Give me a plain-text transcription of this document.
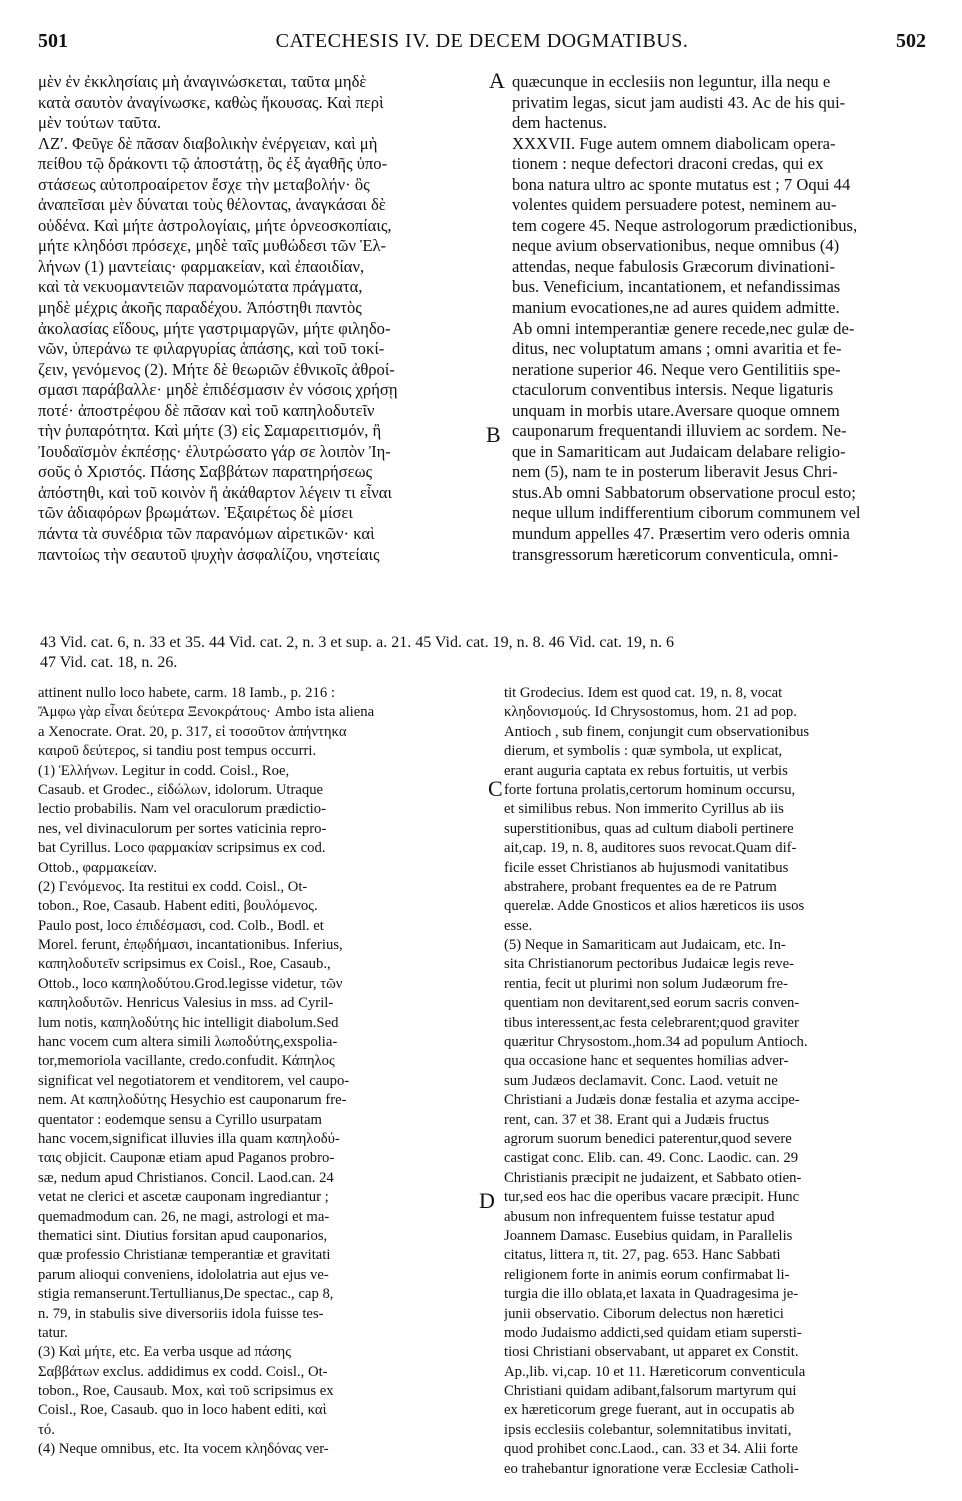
501	CATECHESIS IV. DE DECEM DOGMATIBUS.	502
A
B
C
D
μὲν ἐν ἐκκλησίαις μὴ ἀναγινώσκεται, ταῦτα μηδὲ
κατὰ σαυτὸν ἀναγίνωσκε, καθὼς ἤκουσας. Καὶ περὶ
μὲν τούτων ταῦτα.
ΛΖʹ. Φεῦγε δὲ πᾶσαν διαβολικὴν ἐνέργειαν, καὶ μὴ
πείθου τῷ δράκοντι τῷ ἀποστάτῃ, ὃς ἐξ ἀγαθῆς ὑπο-
στάσεως αὐτοπροαίρετον ἔσχε τὴν μεταβολήν· ὃς
ἀναπεῖσαι μὲν δύναται τοὺς θέλοντας, ἀναγκάσαι δὲ
οὐδένα. Καὶ μήτε ἀστρολογίαις, μήτε ὀρνεοσκοπίαις,
μήτε κληδόσι πρόσεχε, μηδὲ ταῖς μυθώδεσι τῶν Ἑλ-
λήνων (1) μαντείαις· φαρμακείαν, καὶ ἐπαοιδίαν,
καὶ τὰ νεκυομαντειῶν παρανομώτατα πράγματα,
μηδὲ μέχρις ἀκοῆς παραδέχου. Ἀπόστηθι παντὸς
ἀκολασίας εἴδους, μήτε γαστριμαργῶν, μήτε φιληδο-
νῶν, ὑπεράνω τε φιλαργυρίας ἁπάσης, καὶ τοῦ τοκί-
ζειν, γενόμενος (2). Μήτε δὲ θεωριῶν ἐθνικοῖς ἀθροί-
σμασι παράβαλλε· μηδὲ ἐπιδέσμασιν ἐν νόσοις χρήσῃ
ποτέ· ἀποστρέφου δὲ πᾶσαν καὶ τοῦ καπηλοδυτεῖν
τὴν ῥυπαρότητα. Καὶ μήτε (3) εἰς Σαμαρειτισμόν, ἢ
Ἰουδαϊσμὸν ἐκπέσῃς· ἐλυτρώσατο γάρ σε λοιπὸν Ἰη-
σοῦς ὁ Χριστός. Πάσης Σαββάτων παρατηρήσεως
ἀπόστηθι, καὶ τοῦ κοινὸν ἢ ἀκάθαρτον λέγειν τι εἶναι
τῶν ἀδιαφόρων βρωμάτων. Ἐξαιρέτως δὲ μίσει
πάντα τὰ συνέδρια τῶν παρανόμων αἱρετικῶν· καὶ
παντοίως τὴν σεαυτοῦ ψυχὴν ἀσφαλίζου, νηστείαις
quæcunque in ecclesiis non leguntur, illa nequ e
privatim legas, sicut jam audisti 43. Ac de his qui-
dem hactenus.
XXXVII. Fuge autem omnem diabolicam opera-
tionem : neque defectori draconi credas, qui ex
bona natura ultro ac sponte mutatus est ; 7 Oqui 44
volentes quidem persuadere potest, neminem au-
tem cogere 45. Neque astrologorum prædictionibus,
neque avium observationibus, neque omnibus (4)
attendas, neque fabulosis Græcorum divinationi-
bus. Veneficium, incantationem, et nefandissimas
manium evocationes,ne ad aures quidem admitte.
Ab omni intemperantiæ genere recede,nec gulæ de-
ditus, nec voluptatum amans ; omni avaritia et fe-
neratione superior 46. Neque vero Gentilitiis spe-
ctaculorum conventibus intersis. Neque ligaturis
unquam in morbis utare.Aversare quoque omnem
cauponarum frequentandi illuviem ac sordem. Ne-
que in Samariticam aut Judaicam delabare religio-
nem (5), nam te in posterum liberavit Jesus Chri-
stus.Ab omni Sabbatorum observatione procul esto;
neque ullum indifferentium ciborum communem vel
mundum appelles 47. Præsertim vero oderis omnia
transgressorum hæreticorum conventicula, omni-
43 Vid. cat. 6, n. 33 et 35. 44 Vid. cat. 2, n. 3 et sup. a. 21. 45 Vid. cat. 19, n. 8. 46 Vid. cat. 19, n. 6
47 Vid. cat. 18, n. 26.
attinent nullo loco habete, carm. 18 Iamb., p. 216 :
Ἄμφω γὰρ εἶναι δεύτερα Ξενοκράτους· Ambo ista aliena
a Xenocrate. Orat. 20, p. 317, εἰ τοσοῦτον ἀπήντηκα
καιροῦ δεύτερος, si tandiu post tempus occurri.
(1) Ἑλλήνων. Legitur in codd. Coisl., Roe,
Casaub. et Grodec., εἰδώλων, idolorum. Utraque
lectio probabilis. Nam vel oraculorum prædictio-
nes, vel divinaculorum per sortes vaticinia repro-
bat Cyrillus. Loco φαρμακίαν scripsimus ex cod.
Ottob., φαρμακείαν.
(2) Γενόμενος. Ita restitui ex codd. Coisl., Ot-
tobon., Roe, Casaub. Habent editi, βουλόμενος.
Paulo post, loco ἐπιδέσμασι, cod. Colb., Bodl. et
Morel. ferunt, ἐπῳδήμασι, incantationibus. Inferius,
καπηλοδυτεῖν scripsimus ex Coisl., Roe, Casaub.,
Ottob., loco καπηλοδύτου.Grod.legisse videtur, τῶν
καπηλοδυτῶν. Henricus Valesius in mss. ad Cyril-
lum notis, καπηλοδύτης hic intelligit diabolum.Sed
hanc vocem cum altera simili λωποδύτης,exspolia-
tor,memoriola vacillante, credo.confudit. Κάπηλος
significat vel negotiatorem et venditorem, vel caupo-
nem. At καπηλοδύτης Hesychio est cauponarum fre-
quentator : eodemque sensu a Cyrillo usurpatam
hanc vocem,significat illuvies illa quam καπηλοδύ-
ταις objicit. Cauponæ etiam apud Paganos probro-
sæ, nedum apud Christianos. Concil. Laod.can. 24
vetat ne clerici et ascetæ cauponam ingrediantur ;
quemadmodum can. 26, ne magi, astrologi et ma-
thematici sint. Diutius forsitan apud cauponarios,
quæ professio Christianæ temperantiæ et gravitati
parum alioqui conveniens, idololatria aut ejus ve-
stigia remanserunt.Tertullianus,De spectac., cap 8,
n. 79, in stabulis sive diversoriis idola fuisse tes-
tatur.
(3) Καὶ μήτε, etc. Ea verba usque ad πάσης
Σαββάτων exclus. addidimus ex codd. Coisl., Ot-
tobon., Roe, Causaub. Mox, καὶ τοῦ scripsimus ex
Coisl., Roe, Casaub. quo in loco habent editi, καὶ
τό.
(4) Neque omnibus, etc. Ita vocem κληδόνας ver-
tit Grodecius. Idem est quod cat. 19, n. 8, vocat
κληδονισμούς. Id Chrysostomus, hom. 21 ad pop.
Antioch , sub finem, conjungit cum observationibus
dierum, et symbolis : quæ symbola, ut explicat,
erant auguria captata ex rebus fortuitis, ut verbis
forte fortuna prolatis,certorum hominum occursu,
et similibus rebus. Non immerito Cyrillus ab iis
superstitionibus, quas ad cultum diaboli pertinere
ait,cap. 19, n. 8, auditores suos revocat.Quam dif-
ficile esset Christianos ab hujusmodi vanitatibus
abstrahere, probant frequentes ea de re Patrum
querelæ. Adde Gnosticos et alios hæreticos iis usos
esse.
(5) Neque in Samariticam aut Judaicam, etc. In-
sita Christianorum pectoribus Judaicæ legis reve-
rentia, fecit ut plurimi non solum Judæorum fre-
quentiam non devitarent,sed eorum sacris conven-
tibus interessent,ac festa celebrarent;quod graviter
quæritur Chrysostom.,hom.34 ad populum Antioch.
qua occasione hanc et sequentes homilias adver-
sum Judæos declamavit. Conc. Laod. vetuit ne
Christiani a Judæis donæ festalia et azyma accipe-
rent, can. 37 et 38. Erant qui a Judæis fructus
agrorum suorum benedici paterentur,quod severe
castigat conc. Elib. can. 49. Conc. Laodic. can. 29
Christianis præcipit ne judaizent, et Sabbato otien-
tur,sed eos hac die operibus vacare præcipit. Hunc
abusum non infrequentem fuisse testatur apud
Joannem Damasc. Eusebius quidam, in Parallelis
citatus, littera π, tit. 27, pag. 653. Hanc Sabbati
religionem forte in animis eorum confirmabat li-
turgia die illo oblata,et laxata in Quadragesima je-
junii observatio. Ciborum delectus non hæretici
modo Judaismo addicti,sed quidam etiam supersti-
tiosi Christiani observabant, ut apparet ex Constit.
Ap.,lib. vi,cap. 10 et 11. Hæreticorum conventicula
Christiani quidam adibant,falsorum martyrum qui
ex hæreticorum grege fuerant, aut in occupatis ab
ipsis ecclesiis colebantur, solemnitatibus invitati,
quod prohibet conc.Laod., can. 33 et 34. Alii forte
eo trahebantur ignoratione veræ Ecclesiæ Catholi-
